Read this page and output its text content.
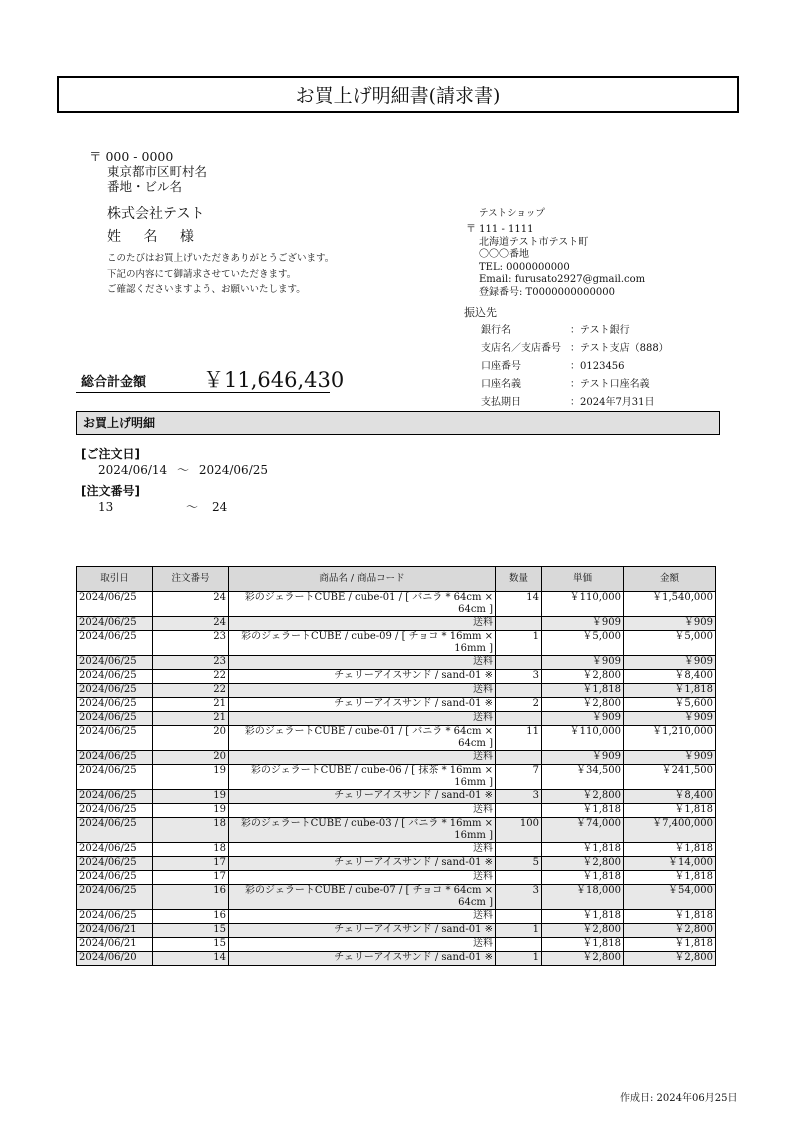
お買上げ明細書(請求書)
〒 000 - 0000
東京都市区町村名
番地・ビル名
株式会社テスト
姓 名 様
このたびはお買上げいただきありがとうございます。
下記の内容にて御請求させていただきます。
ご確認くださいますよう、お願いいたします。
総合計金額	￥11,646,430
テストショップ
〒 111 - 1111
北海道テスト市テスト町
〇〇〇番地
TEL: 0000000000
Email: furusato2927@gmail.com
登録番号: T0000000000000
振込先
銀行名	：テスト銀行
支店名／支店番号	：テスト支店（888）
口座番号	：0123456
口座名義	：テスト口座名義
支払期日	：2024年7月31日
お買上げ明細
[ご注文日]
2024/06/14 ～ 2024/06/25
[注文番号]
13	～ 24
取引日	注文番号	商品名 / 商品コード	数量	単価	金額
2024/06/25	24	彩のジェラートCUBE / cube-01 / [ バニラ * 64cm × 64cm ]	14	￥110,000	￥1,540,000
2024/06/25	24	送料		￥909	￥909
2024/06/25	23	彩のジェラートCUBE / cube-09 / [ チョコ * 16mm × 16mm ]	1	￥5,000	￥5,000
2024/06/25	23	送料		￥909	￥909
2024/06/25	22	チェリーアイスサンド / sand-01 ※	3	￥2,800	￥8,400
2024/06/25	22	送料		￥1,818	￥1,818
2024/06/25	21	チェリーアイスサンド / sand-01 ※	2	￥2,800	￥5,600
2024/06/25	21	送料		￥909	￥909
2024/06/25	20	彩のジェラートCUBE / cube-01 / [ バニラ * 64cm × 64cm ]	11	￥110,000	￥1,210,000
2024/06/25	20	送料		￥909	￥909
2024/06/25	19	彩のジェラートCUBE / cube-06 / [ 抹茶 * 16mm × 16mm ]	7	￥34,500	￥241,500
2024/06/25	19	チェリーアイスサンド / sand-01 ※	3	￥2,800	￥8,400
2024/06/25	19	送料		￥1,818	￥1,818
2024/06/25	18	彩のジェラートCUBE / cube-03 / [ バニラ * 16mm × 16mm ]	100	￥74,000	￥7,400,000
2024/06/25	18	送料		￥1,818	￥1,818
2024/06/25	17	チェリーアイスサンド / sand-01 ※	5	￥2,800	￥14,000
2024/06/25	17	送料		￥1,818	￥1,818
2024/06/25	16	彩のジェラートCUBE / cube-07 / [ チョコ * 64cm × 64cm ]	3	￥18,000	￥54,000
2024/06/25	16	送料		￥1,818	￥1,818
2024/06/21	15	チェリーアイスサンド / sand-01 ※	1	￥2,800	￥2,800
2024/06/21	15	送料		￥1,818	￥1,818
2024/06/20	14	チェリーアイスサンド / sand-01 ※	1	￥2,800	￥2,800
作成日: 2024年06月25日
